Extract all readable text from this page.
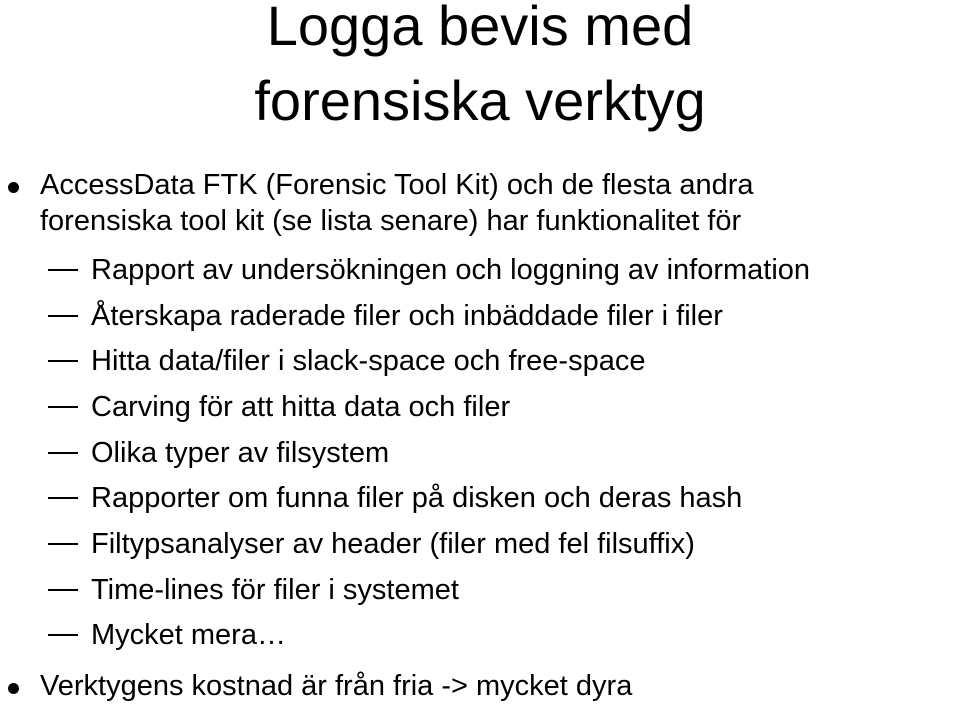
Logga bevis med
forensiska verktyg
AccessData FTK (Forensic Tool Kit) och de flesta andra
forensiska tool kit (se lista senare) har funktionalitet för
Rapport av undersökningen och loggning av information
Återskapa raderade filer och inbäddade filer i filer
Hitta data/filer i slack-space och free-space
Carving för att hitta data och filer
Olika typer av filsystem
Rapporter om funna filer på disken och deras hash
Filtypsanalyser av header (filer med fel filsuffix)
Time-lines för filer i systemet
Mycket mera…
Verktygens kostnad är från fria -> mycket dyra
